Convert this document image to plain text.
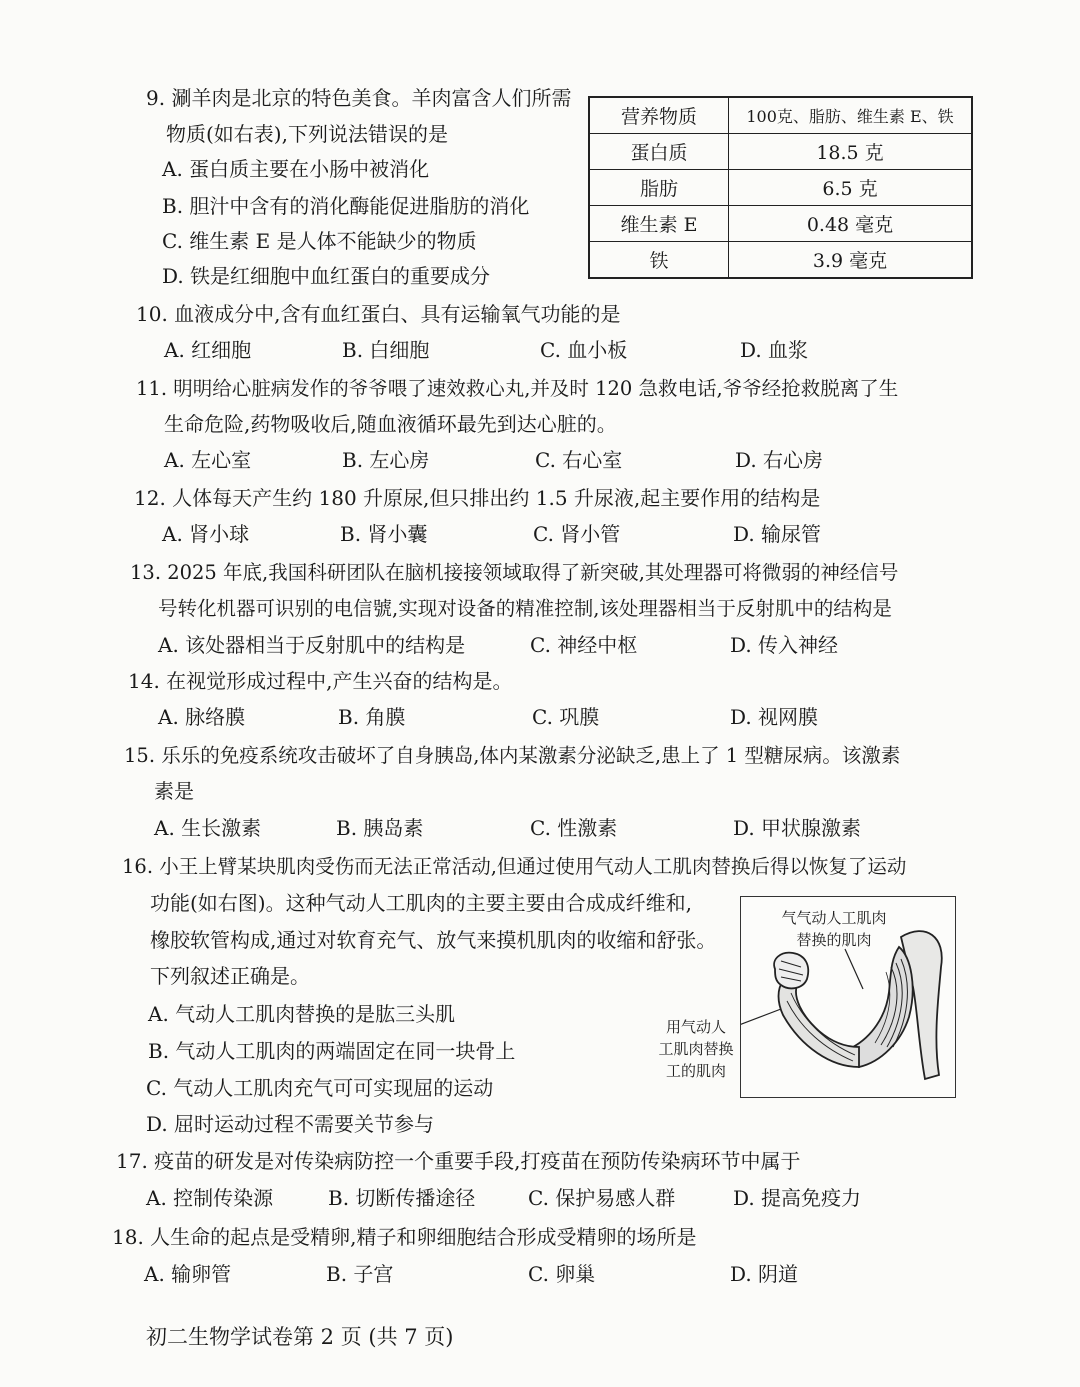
9. 涮羊肉是北京的特色美食。羊肉富含人们所需
物质(如右表),下列说法错误的是
A. 蛋白质主要在小肠中被消化
B. 胆汁中含有的消化酶能促进脂肪的消化
C. 维生素 E 是人体不能缺少的物质
D. 铁是红细胞中血红蛋白的重要成分
营养物质	100克、脂肪、维生素 E、铁
蛋白质	18.5 克
脂肪	6.5 克
维生素 E	0.48 毫克
铁	3.9 毫克
10. 血液成分中,含有血红蛋白、具有运输氧气功能的是
A. 红细胞	B. 白细胞	C. 血小板	D. 血浆
11. 明明给心脏病发作的爷爷喂了速效救心丸,并及时 120 急救电话,爷爷经抢救脱离了生
生命危险,药物吸收后,随血液循环最先到达心脏的。
A. 左心室	B. 左心房	C. 右心室	D. 右心房
12. 人体每天产生约 180 升原尿,但只排出约 1.5 升尿液,起主要作用的结构是
A. 肾小球	B. 肾小囊	C. 肾小管	D. 输尿管
13. 2025 年底,我国科研团队在脑机接接领域取得了新突破,其处理器可将微弱的神经信号
号转化机器可识别的电信號,实现对设备的精准控制,该处理器相当于反射肌中的结构是
A. 该处器相当于反射肌中的结构是	C. 神经中枢	D. 传入神经
14. 在视觉形成过程中,产生兴奋的结构是。
A. 脉络膜	B. 角膜	C. 巩膜	D. 视网膜
15. 乐乐的免疫系统攻击破坏了自身胰岛,体内某激素分泌缺乏,患上了 1 型糖尿病。该激素
素是
A. 生长激素	B. 胰岛素	C. 性激素	D. 甲状腺激素
16. 小王上臂某块肌肉受伤而无法正常活动,但通过使用气动人工肌肉替换后得以恢复了运动
功能(如右图)。这种气动人工肌肉的主要主要由合成成纤维和,
橡胶软管构成,通过对软育充气、放气来摸机肌肉的收缩和舒张。
下列叙述正确是。
A. 气动人工肌肉替换的是肱三头肌
B. 气动人工肌肉的两端固定在同一块骨上
C. 气动人工肌肉充气可可实现屈的运动
D. 屈时运动过程不需要关节参与
气气动人工肌肉
替换的肌肉
用气动人
工肌肉替换
工的肌肉
17. 疫苗的研发是对传染病防控一个重要手段,打疫苗在预防传染病环节中属于
A. 控制传染源	B. 切断传播途径	C. 保护易感人群	D. 提高免疫力
18. 人生命的起点是受精卵,精子和卵细胞结合形成受精卵的场所是
A. 输卵管	B. 子宫	C. 卵巢	D. 阴道
初二生物学试卷第 2 页 (共 7 页)
